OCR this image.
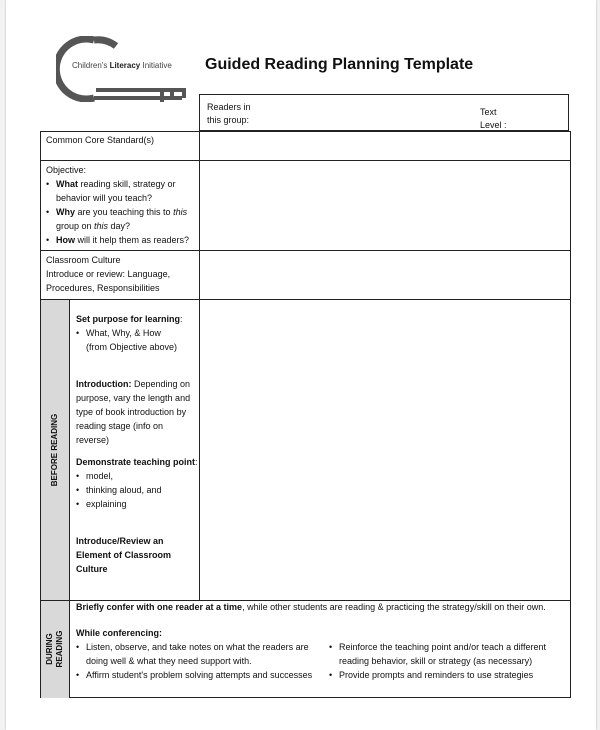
Children's Literacy Initiative Guided Reading Planning Template
Readers in
this group:
Text
Level :
Common Core Standard(s)
Objective:
• What reading skill, strategy or behavior will you teach?
• Why are you teaching this to this group on this day?
• How will it help them as readers?
Classroom Culture
Introduce or review: Language, Procedures, Responsibilities
BEFORE READING
Set purpose for learning:
• What, Why, & How
(from Objective above)
Introduction: Depending on purpose, vary the length and type of book introduction by reading stage (info on reverse)
Demonstrate teaching point:
• model,
• thinking aloud, and
• explaining
Introduce/Review an Element of Classroom Culture
DURING READING
Briefly confer with one reader at a time, while other students are reading & practicing the strategy/skill on their own.
While conferencing:
• Listen, observe, and take notes on what the readers are doing well & what they need support with.
• Affirm student's problem solving attempts and successes
• Reinforce the teaching point and/or teach a different reading behavior, skill or strategy (as necessary)
• Provide prompts and reminders to use strategies
